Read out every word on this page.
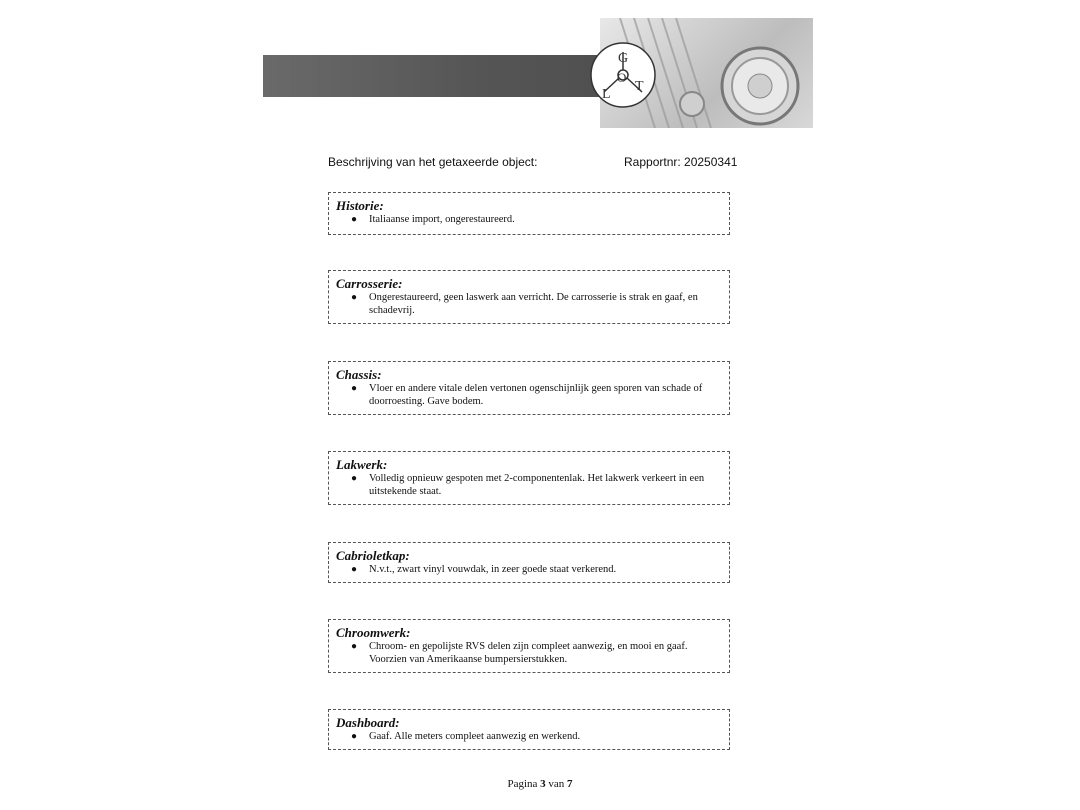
G
O
T
L
Beschrijving van het getaxeerde object:	Rapportnr: 20250341
Historie:
● Italiaanse import, ongerestaureerd.
Carrosserie:
● Ongerestaureerd, geen laswerk aan verricht. De carrosserie is strak en gaaf, en schadevrij.
Chassis:
● Vloer en andere vitale delen vertonen ogenschijnlijk geen sporen van schade of doorroesting. Gave bodem.
Lakwerk:
● Volledig opnieuw gespoten met 2-componentenlak. Het lakwerk verkeert in een uitstekende staat.
Cabrioletkap:
● N.v.t., zwart vinyl vouwdak, in zeer goede staat verkerend.
Chroomwerk:
● Chroom- en gepolijste RVS delen zijn compleet aanwezig, en mooi en gaaf. Voorzien van Amerikaanse bumpersierstukken.
Dashboard:
● Gaaf. Alle meters compleet aanwezig en werkend.
Pagina 3 van 7
